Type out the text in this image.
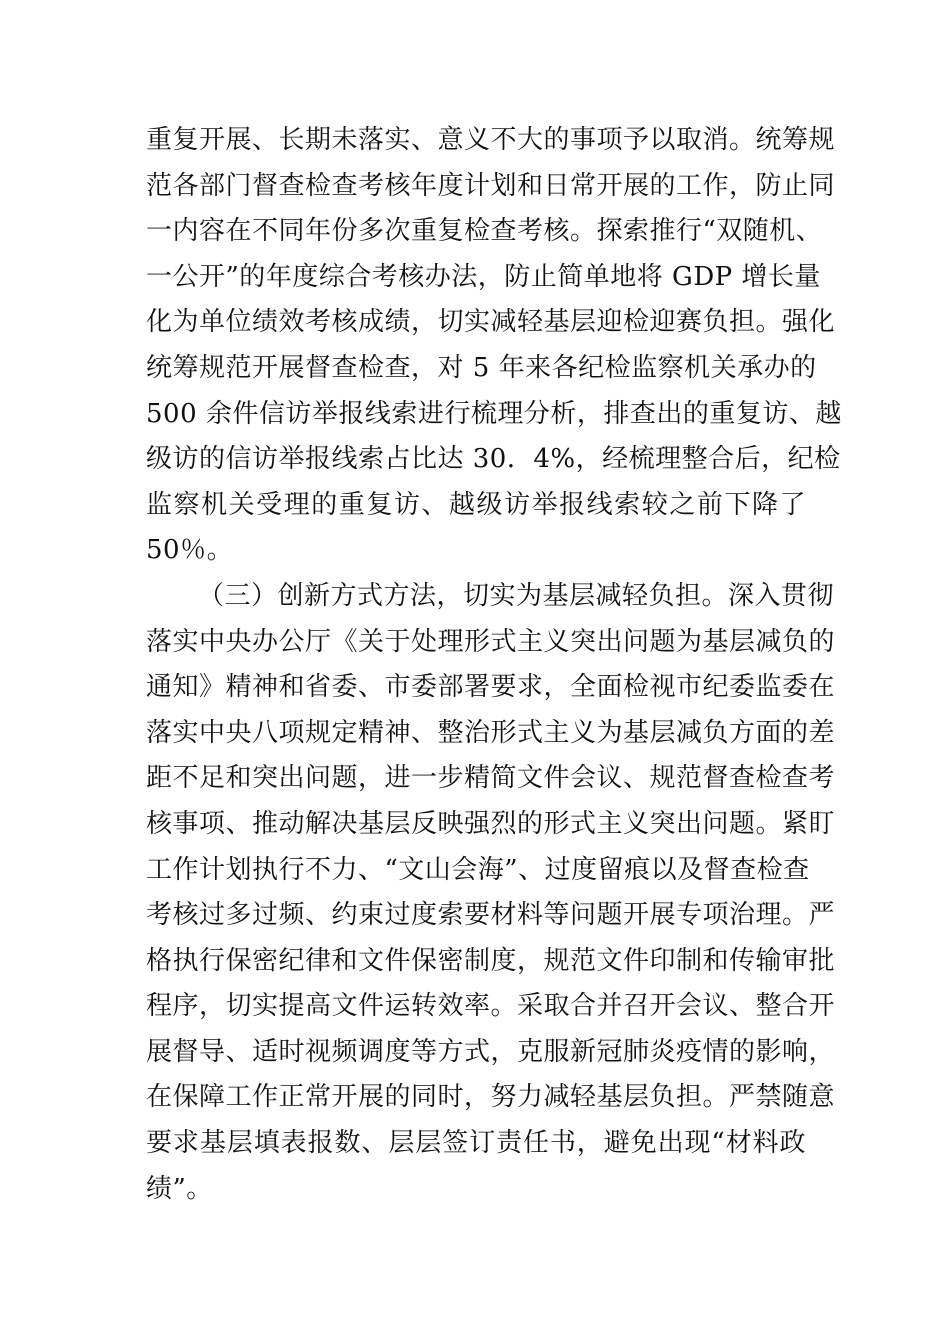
重复开展、长期未落实、意义不大的事项予以取消。统筹规
范各部门督查检查考核年度计划和日常开展的工作，防止同
一内容在不同年份多次重复检查考核。探索推行“双随机、
一公开”的年度综合考核办法，防止简单地将 GDP 增长量
化为单位绩效考核成绩，切实减轻基层迎检迎赛负担。强化
统筹规范开展督查检查，对 5 年来各纪检监察机关承办的
500 余件信访举报线索进行梳理分析，排查出的重复访、越
级访的信访举报线索占比达 30．4%，经梳理整合后，纪检
监察机关受理的重复访、越级访举报线索较之前下降了
50％。
（三）创新方式方法，切实为基层减轻负担。深入贯彻
落实中央办公厅《关于处理形式主义突出问题为基层减负的
通知》精神和省委、市委部署要求，全面检视市纪委监委在
落实中央八项规定精神、整治形式主义为基层减负方面的差
距不足和突出问题，进一步精简文件会议、规范督查检查考
核事项、推动解决基层反映强烈的形式主义突出问题。紧盯
工作计划执行不力、“文山会海”、过度留痕以及督查检查
考核过多过频、约束过度索要材料等问题开展专项治理。严
格执行保密纪律和文件保密制度，规范文件印制和传输审批
程序，切实提高文件运转效率。采取合并召开会议、整合开
展督导、适时视频调度等方式，克服新冠肺炎疫情的影响，
在保障工作正常开展的同时，努力减轻基层负担。严禁随意
要求基层填表报数、层层签订责任书，避免出现“材料政
绩”。
